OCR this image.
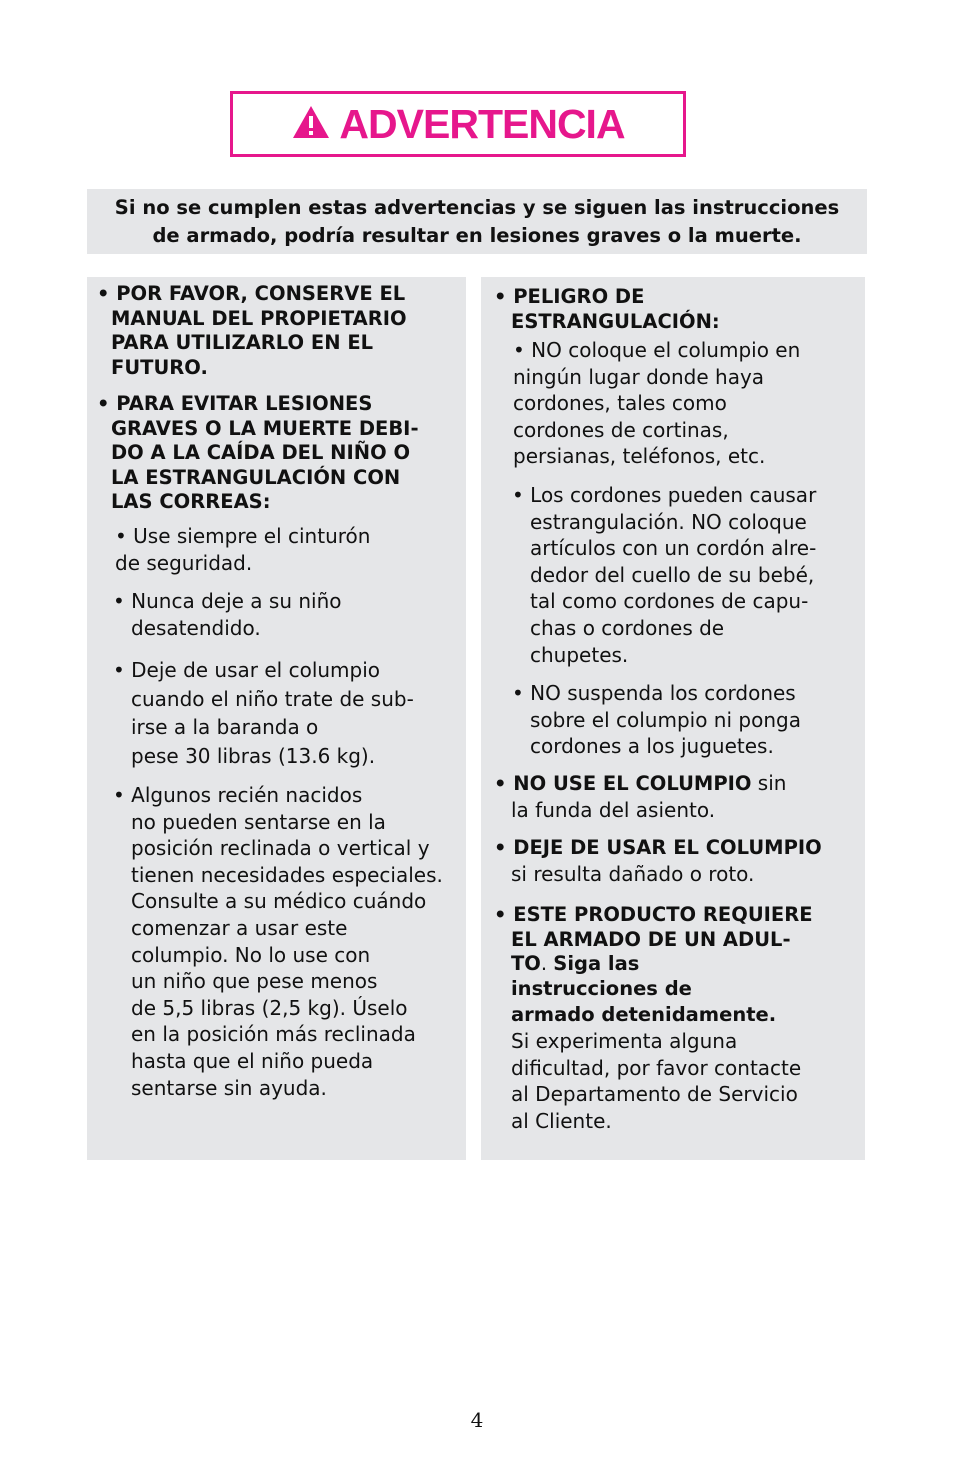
ADVERTENCIA
Si no se cumplen estas advertencias y se siguen las instrucciones
de armado, podría resultar en lesiones graves o la muerte.
• POR FAVOR, CONSERVE EL
MANUAL DEL PROPIETARIO
PARA UTILIZARLO EN EL
FUTURO.
• PARA EVITAR LESIONES
GRAVES O LA MUERTE DEBI-
DO A LA CAÍDA DEL NIÑO O
LA ESTRANGULACIÓN CON
LAS CORREAS:
• Use siempre el cinturón
de seguridad.
• Nunca deje a su niño
desatendido.
• Deje de usar el columpio
cuando el niño trate de sub-
irse a la baranda o
pese 30 libras (13.6 kg).
• Algunos recién nacidos
no pueden sentarse en la
posición reclinada o vertical y
tienen necesidades especiales.
Consulte a su médico cuándo
comenzar a usar este
columpio. No lo use con
un niño que pese menos
de 5,5 libras (2,5 kg). Úselo
en la posición más reclinada
hasta que el niño pueda
sentarse sin ayuda.
• PELIGRO DE
ESTRANGULACIÓN:
• NO coloque el columpio en
ningún lugar donde haya
cordones, tales como
cordones de cortinas,
persianas, teléfonos, etc.
• Los cordones pueden causar
estrangulación. NO coloque
artículos con un cordón alre-
dedor del cuello de su bebé,
tal como cordones de capu-
chas o cordones de
chupetes.
• NO suspenda los cordones
sobre el columpio ni ponga
cordones a los juguetes.
• NO USE EL COLUMPIO sin
la funda del asiento.
• DEJE DE USAR EL COLUMPIO
si resulta dañado o roto.
• ESTE PRODUCTO REQUIERE
EL ARMADO DE UN ADUL-
TO. Siga las
instrucciones de
armado detenidamente.
Si experimenta alguna
dificultad, por favor contacte
al Departamento de Servicio
al Cliente.
4
